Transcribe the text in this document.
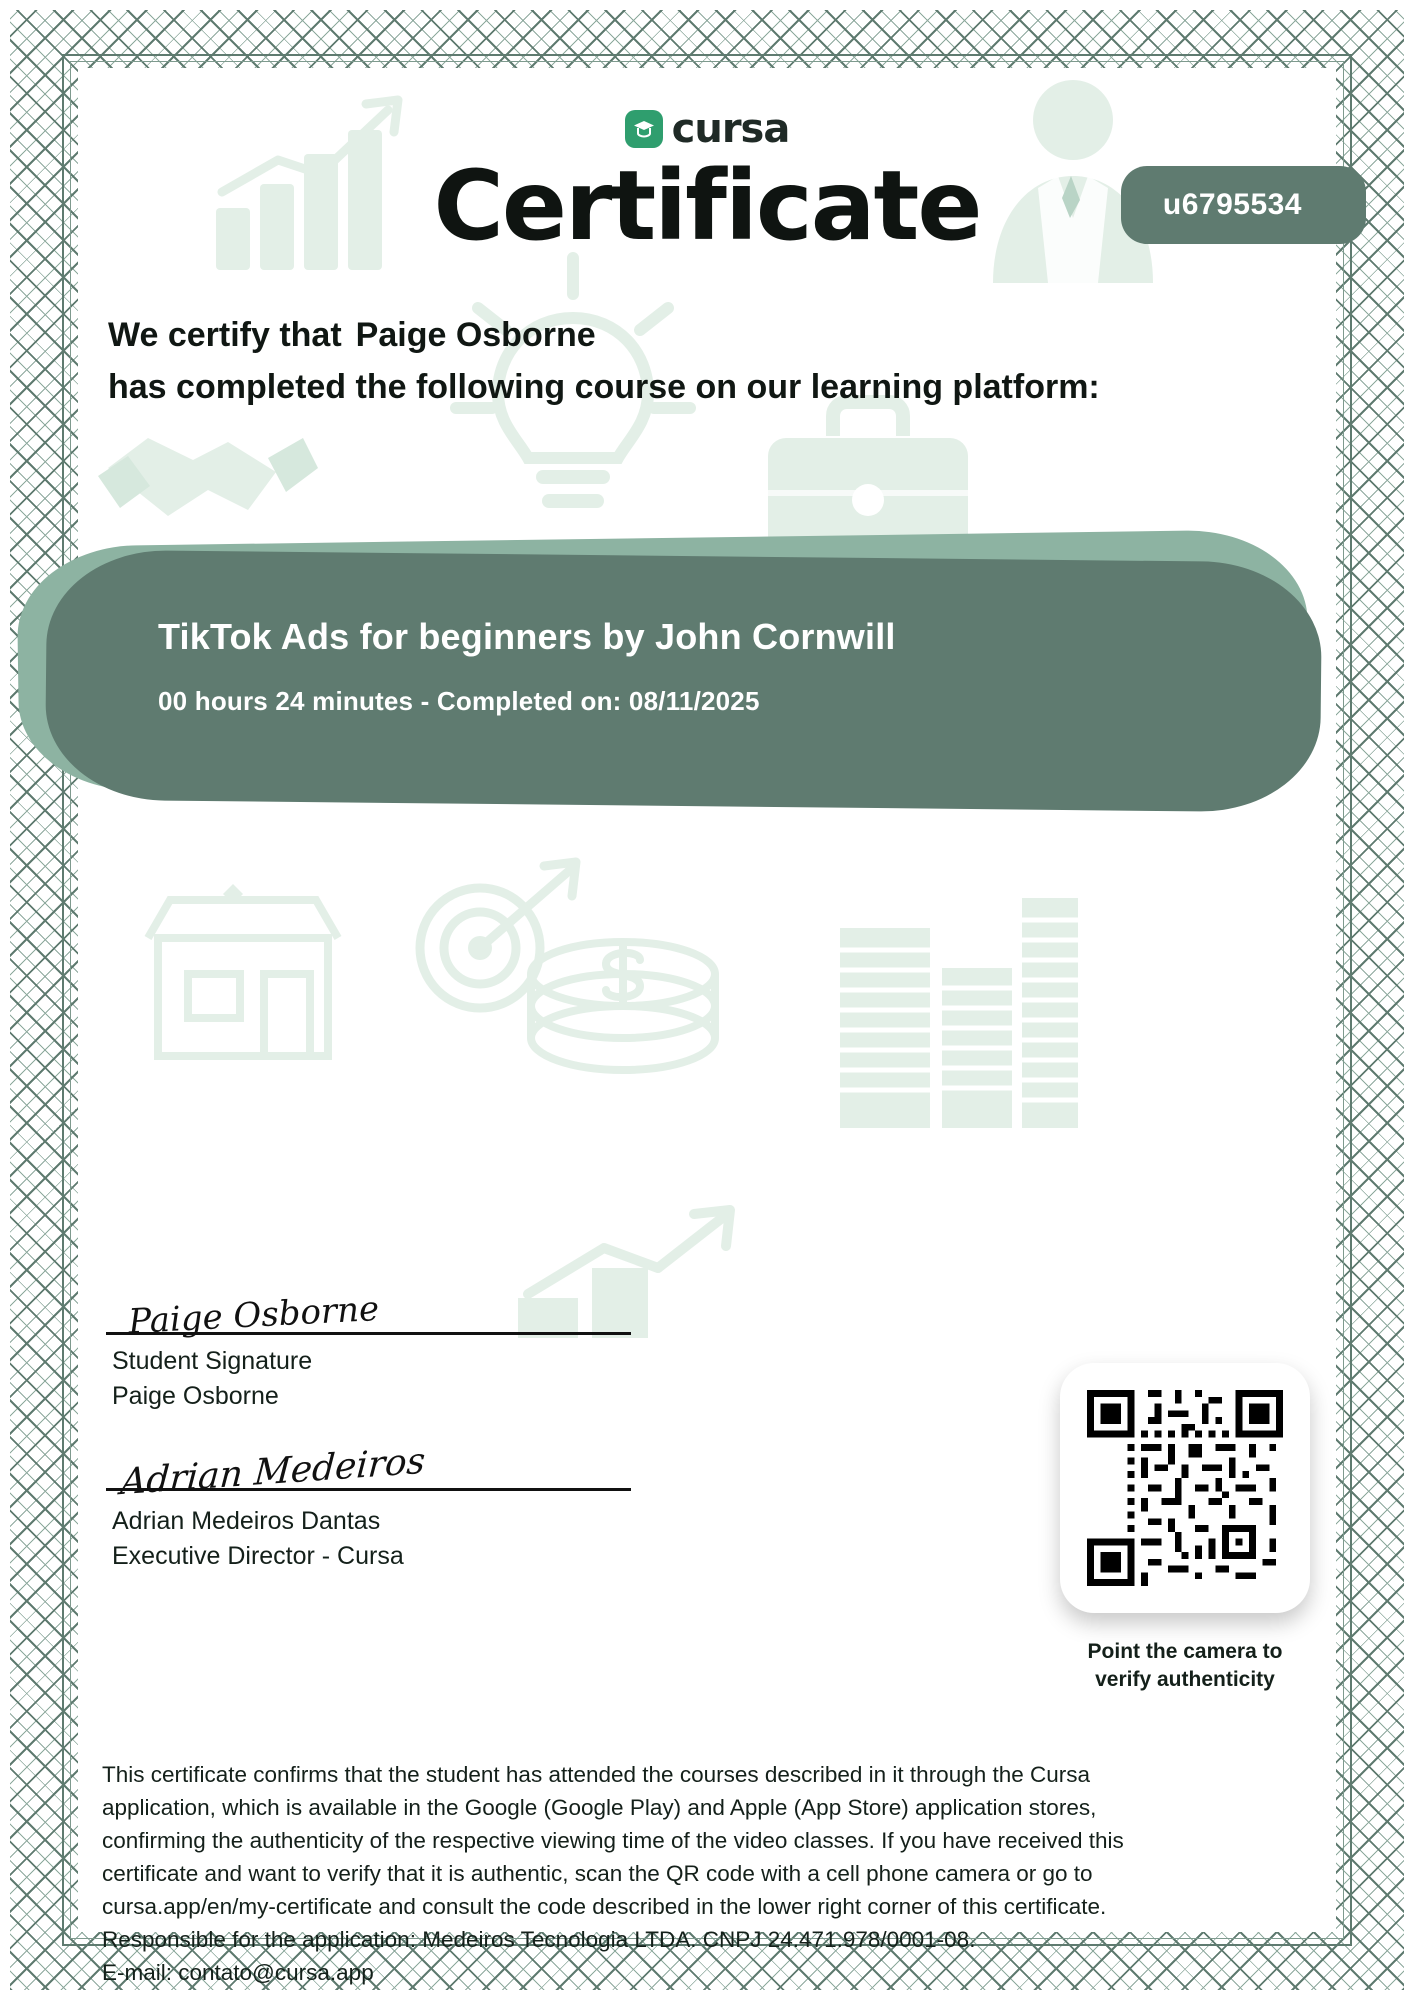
cursa
Certificate	u6795534
We certify that Paige Osborne
has completed the following course on our learning platform:
TikTok Ads for beginners by John Cornwill
00 hours 24 minutes - Completed on: 08/11/2025
Paige Osborne
Student Signature
Paige Osborne
Adrian Medeiros
Adrian Medeiros Dantas
Executive Director - Cursa
Point the camera to
verify authenticity

This certificate confirms that the student has attended the courses described in it through the Cursa

application, which is available in the Google (Google Play) and Apple (App Store) application stores,

confirming the authenticity of the respective viewing time of the video classes. If you have received this

certificate and want to verify that it is authentic, scan the QR code with a cell phone camera or go to

cursa.app/en/my-certificate and consult the code described in the lower right corner of this certificate.

Responsible for the application: Medeiros Tecnologia LTDA. CNPJ 24.471.978/0001-08.

E-mail: contato@cursa.app
